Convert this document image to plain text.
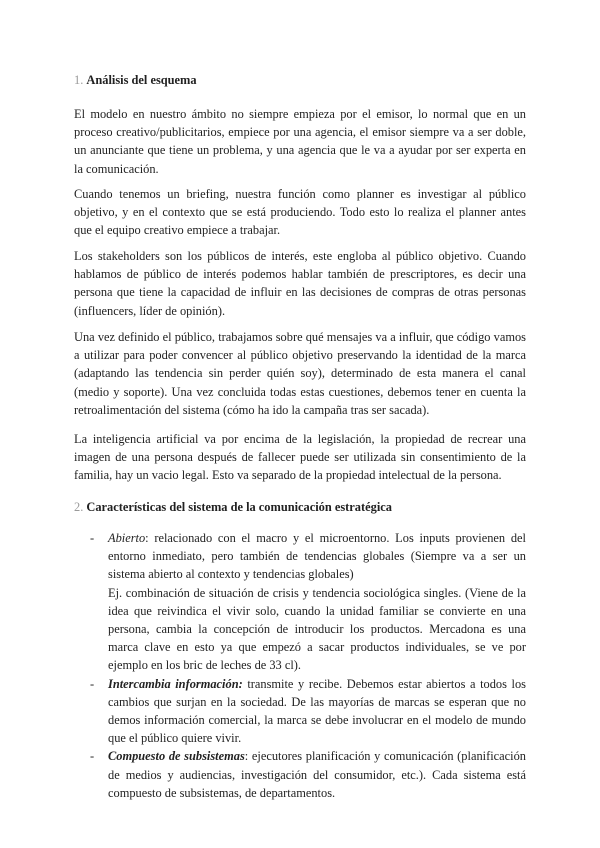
1. Análisis del esquema

El modelo en nuestro ámbito no siempre empieza por el emisor, lo normal que en un proceso creativo/publicitarios, empiece por una agencia, el emisor siempre va a ser doble, un anunciante que tiene un problema, y una agencia que le va a ayudar por ser experta en la comunicación.

Cuando tenemos un briefing, nuestra función como planner es investigar al público objetivo, y en el contexto que se está produciendo. Todo esto lo realiza el planner antes que el equipo creativo empiece a trabajar.

Los stakeholders son los públicos de interés, este engloba al público objetivo. Cuando hablamos de público de interés podemos hablar también de prescriptores, es decir una persona que tiene la capacidad de influir en las decisiones de compras de otras personas (influencers, líder de opinión).

Una vez definido el público, trabajamos sobre qué mensajes va a influir, que código vamos a utilizar para poder convencer al público objetivo preservando la identidad de la marca (adaptando las tendencia sin perder quién soy), determinado de esta manera el canal (medio y soporte). Una vez concluida todas estas cuestiones, debemos tener en cuenta la retroalimentación del sistema (cómo ha ido la campaña tras ser sacada).

La inteligencia artificial va por encima de la legislación, la propiedad de recrear una imagen de una persona después de fallecer puede ser utilizada sin consentimiento de la familia, hay un vacio legal. Esto va separado de la propiedad intelectual de la persona.

2. Características del sistema de la comunicación estratégica
- Abierto: relacionado con el macro y el microentorno. Los inputs provienen del entorno inmediato, pero también de tendencias globales (Siempre va a ser un sistema abierto al contexto y tendencias globales)
Ej. combinación de situación de crisis y tendencia sociológica singles. (Viene de la idea que reivindica el vivir solo, cuando la unidad familiar se convierte en una persona, cambia la concepción de introducir los productos. Mercadona es una marca clave en esto ya que empezó a sacar productos individuales, se ve por ejemplo en los bric de leches de 33 cl).
- Intercambia información: transmite y recibe. Debemos estar abiertos a todos los cambios que surjan en la sociedad. De las mayorías de marcas se esperan que no demos información comercial, la marca se debe involucrar en el modelo de mundo que el público quiere vivir.
- Compuesto de subsistemas: ejecutores planificación y comunicación (planificación de medios y audiencias, investigación del consumidor, etc.). Cada sistema está compuesto de subsistemas, de departamentos.
